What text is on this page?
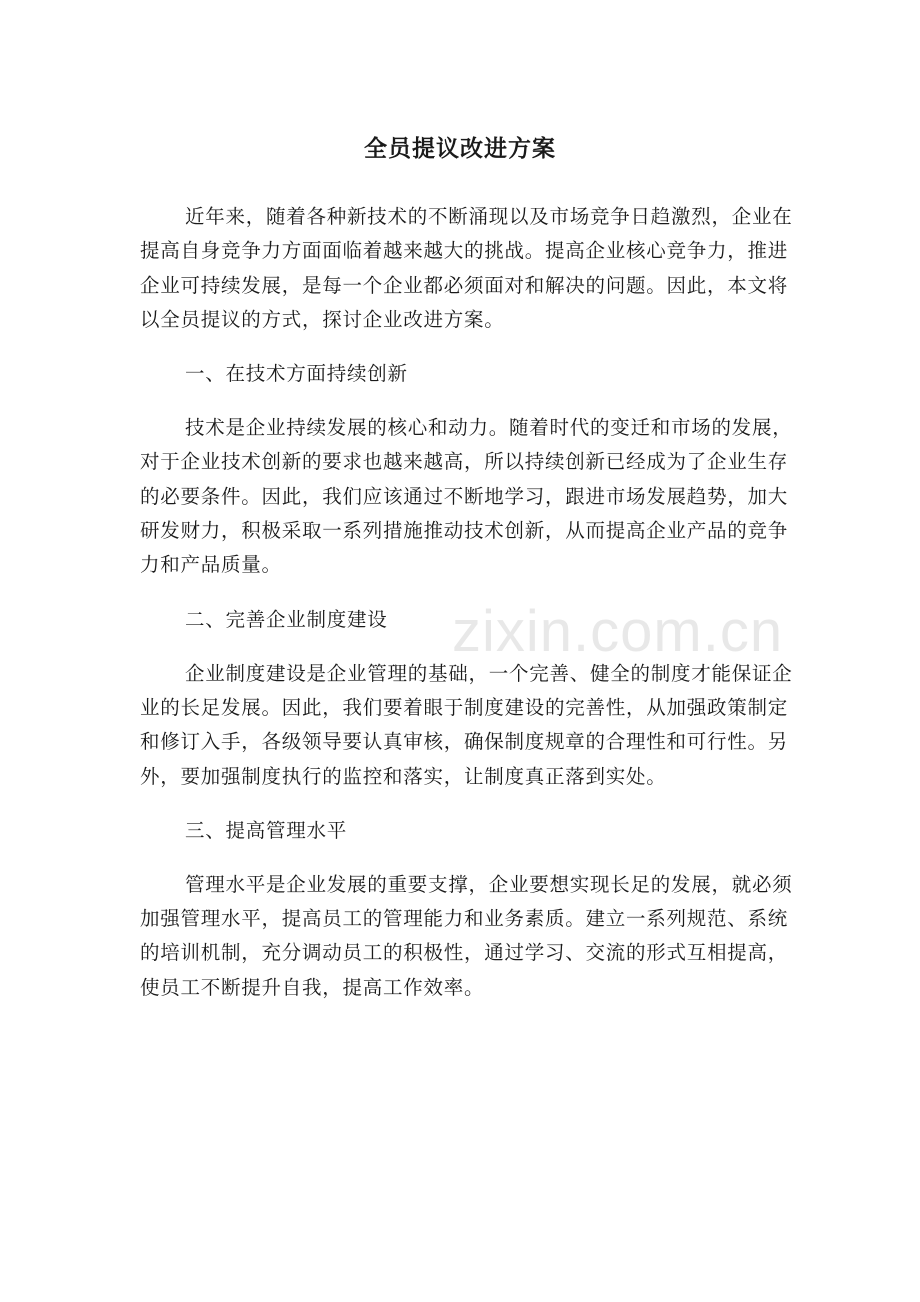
全员提议改进方案

近年来，随着各种新技术的不断涌现以及市场竞争日趋激烈，企业在提高自身竞争力方面面临着越来越大的挑战。提高企业核心竞争力，推进企业可持续发展，是每一个企业都必须面对和解决的问题。因此，本文将以全员提议的方式，探讨企业改进方案。

一、在技术方面持续创新

技术是企业持续发展的核心和动力。随着时代的变迁和市场的发展，对于企业技术创新的要求也越来越高，所以持续创新已经成为了企业生存的必要条件。因此，我们应该通过不断地学习，跟进市场发展趋势，加大研发财力，积极采取一系列措施推动技术创新，从而提高企业产品的竞争力和产品质量。

二、完善企业制度建设

企业制度建设是企业管理的基础，一个完善、健全的制度才能保证企业的长足发展。因此，我们要着眼于制度建设的完善性，从加强政策制定和修订入手，各级领导要认真审核，确保制度规章的合理性和可行性。另外，要加强制度执行的监控和落实，让制度真正落到实处。

三、提高管理水平

管理水平是企业发展的重要支撑，企业要想实现长足的发展，就必须加强管理水平，提高员工的管理能力和业务素质。建立一系列规范、系统的培训机制，充分调动员工的积极性，通过学习、交流的形式互相提高，使员工不断提升自我，提高工作效率。

zixin.com.cn
